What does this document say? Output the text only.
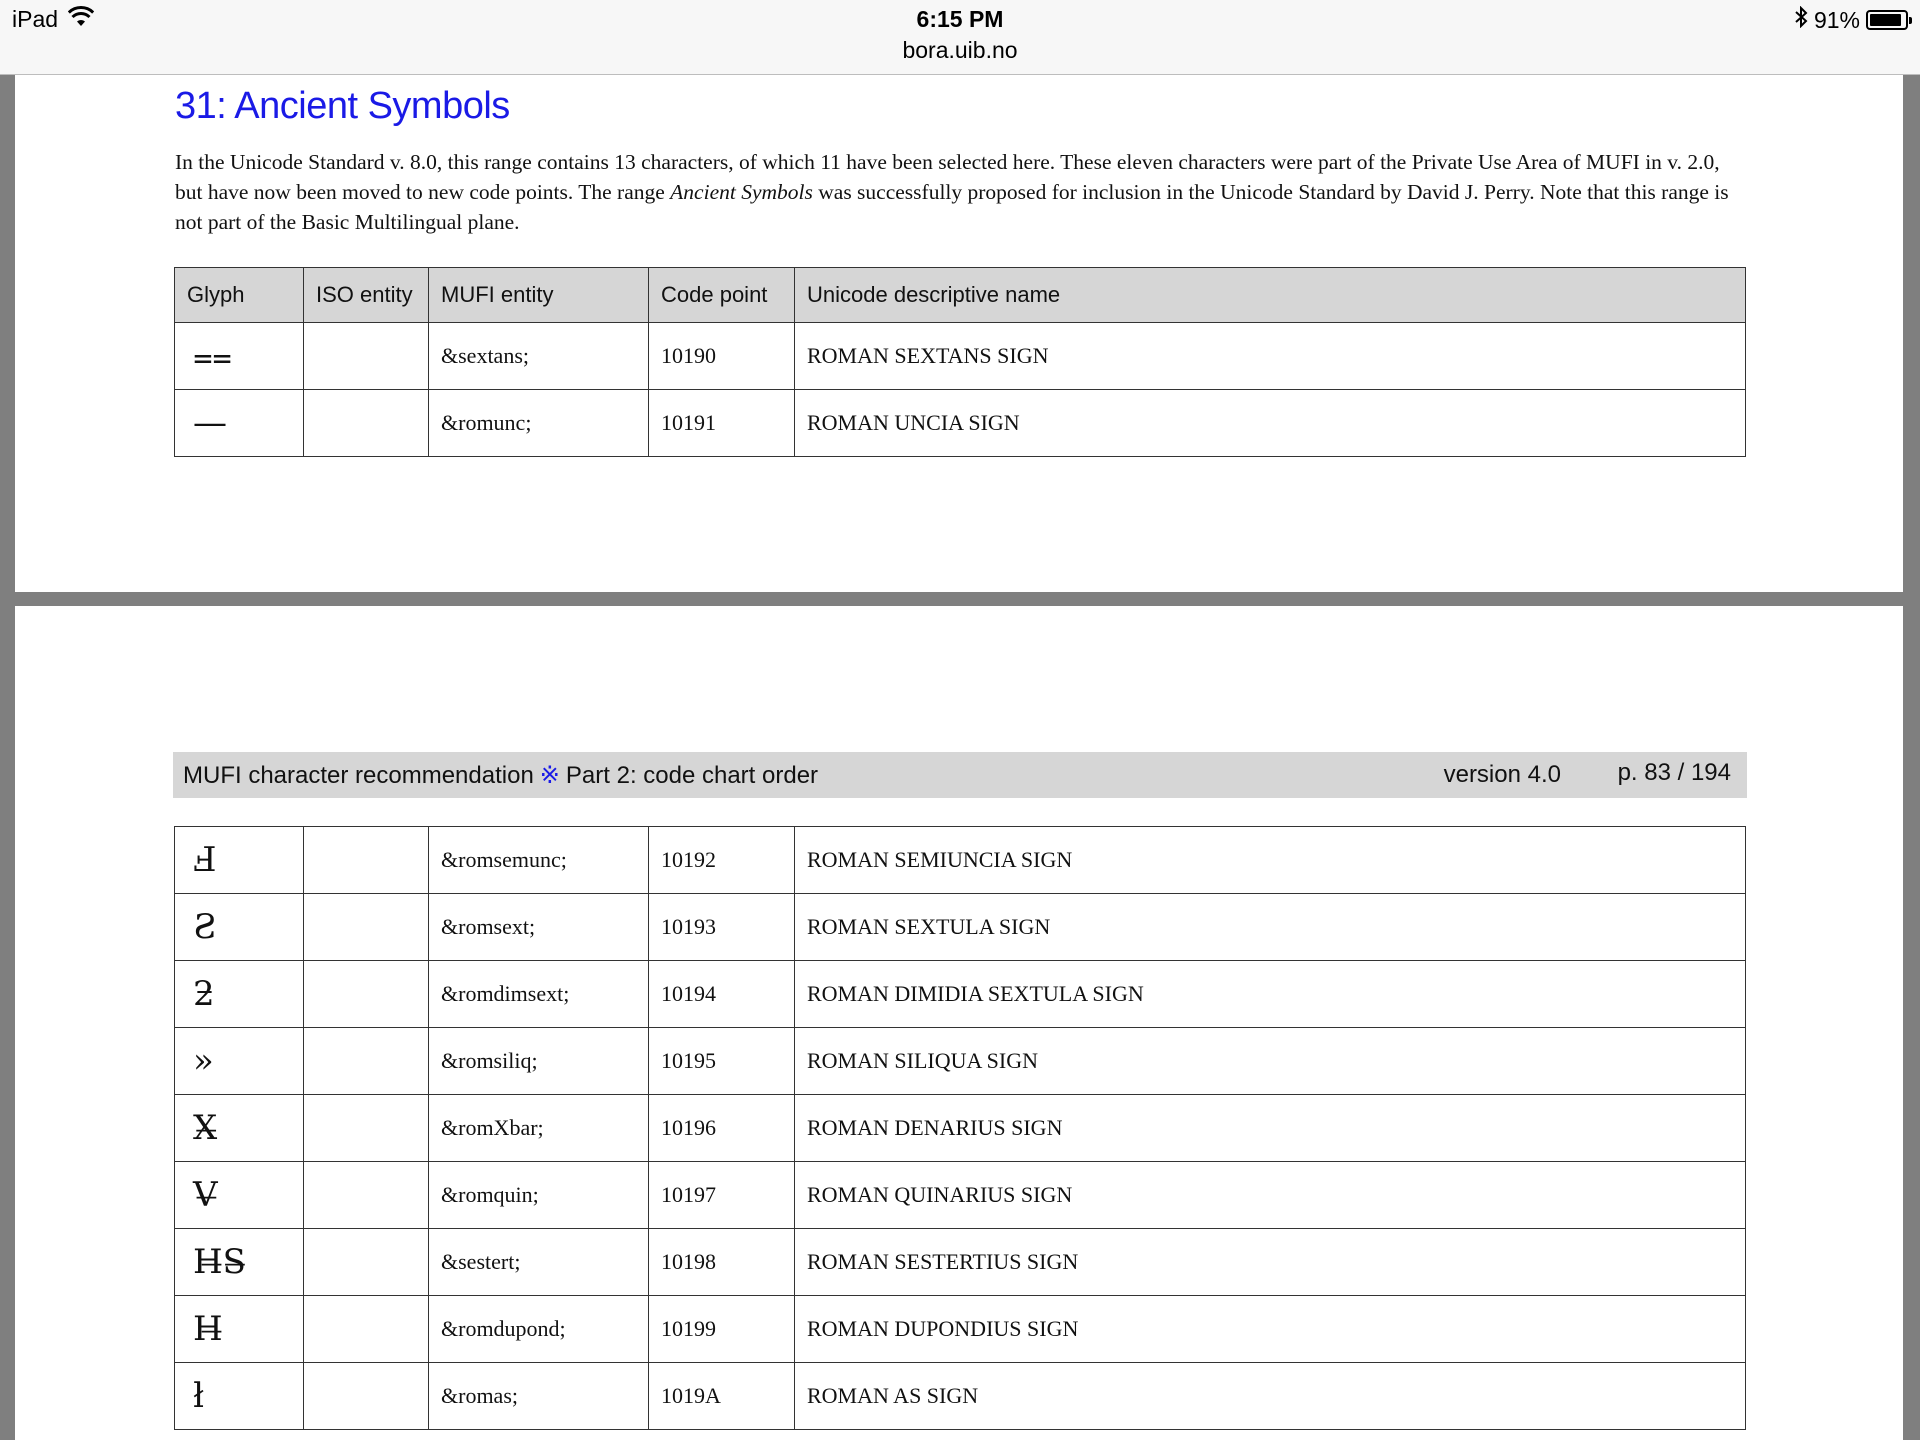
iPad	6:15 PM
bora.uib.no
91%
31: Ancient Symbols

In the Unicode Standard v. 8.0, this range contains 13 characters, of which 11 have been selected here. These eleven characters were part of the Private Use Area of MUFI in v. 2.0, but have now been moved to new code points. The range Ancient Symbols was successfully proposed for inclusion in the Unicode Standard by David J. Perry. Note that this range is not part of the Basic Multilingual plane.

Glyph	ISO entity	MUFI entity	Code point	Unicode descriptive name
⩵		&sextans;	10190	ROMAN SEXTANS SIGN
—		&romunc;	10191	ROMAN UNCIA SIGN
MUFI character recommendation ※ Part 2: code chart order	version 4.0 p. 83 / 194
Ⅎ		&romsemunc;	10192	ROMAN SEMIUNCIA SIGN
Ƨ		&romsext;	10193	ROMAN SEXTULA SIGN
ƻ		&romdimsext;	10194	ROMAN DIMIDIA SEXTULA SIGN
»		&romsiliq;	10195	ROMAN SILIQUA SIGN
X̶		&romXbar;	10196	ROMAN DENARIUS SIGN
V̶		&romquin;	10197	ROMAN QUINARIUS SIGN
H̶S̶		&sestert;	10198	ROMAN SESTERTIUS SIGN
H̶		&romdupond;	10199	ROMAN DUPONDIUS SIGN
ł		&romas;	1019A	ROMAN AS SIGN
